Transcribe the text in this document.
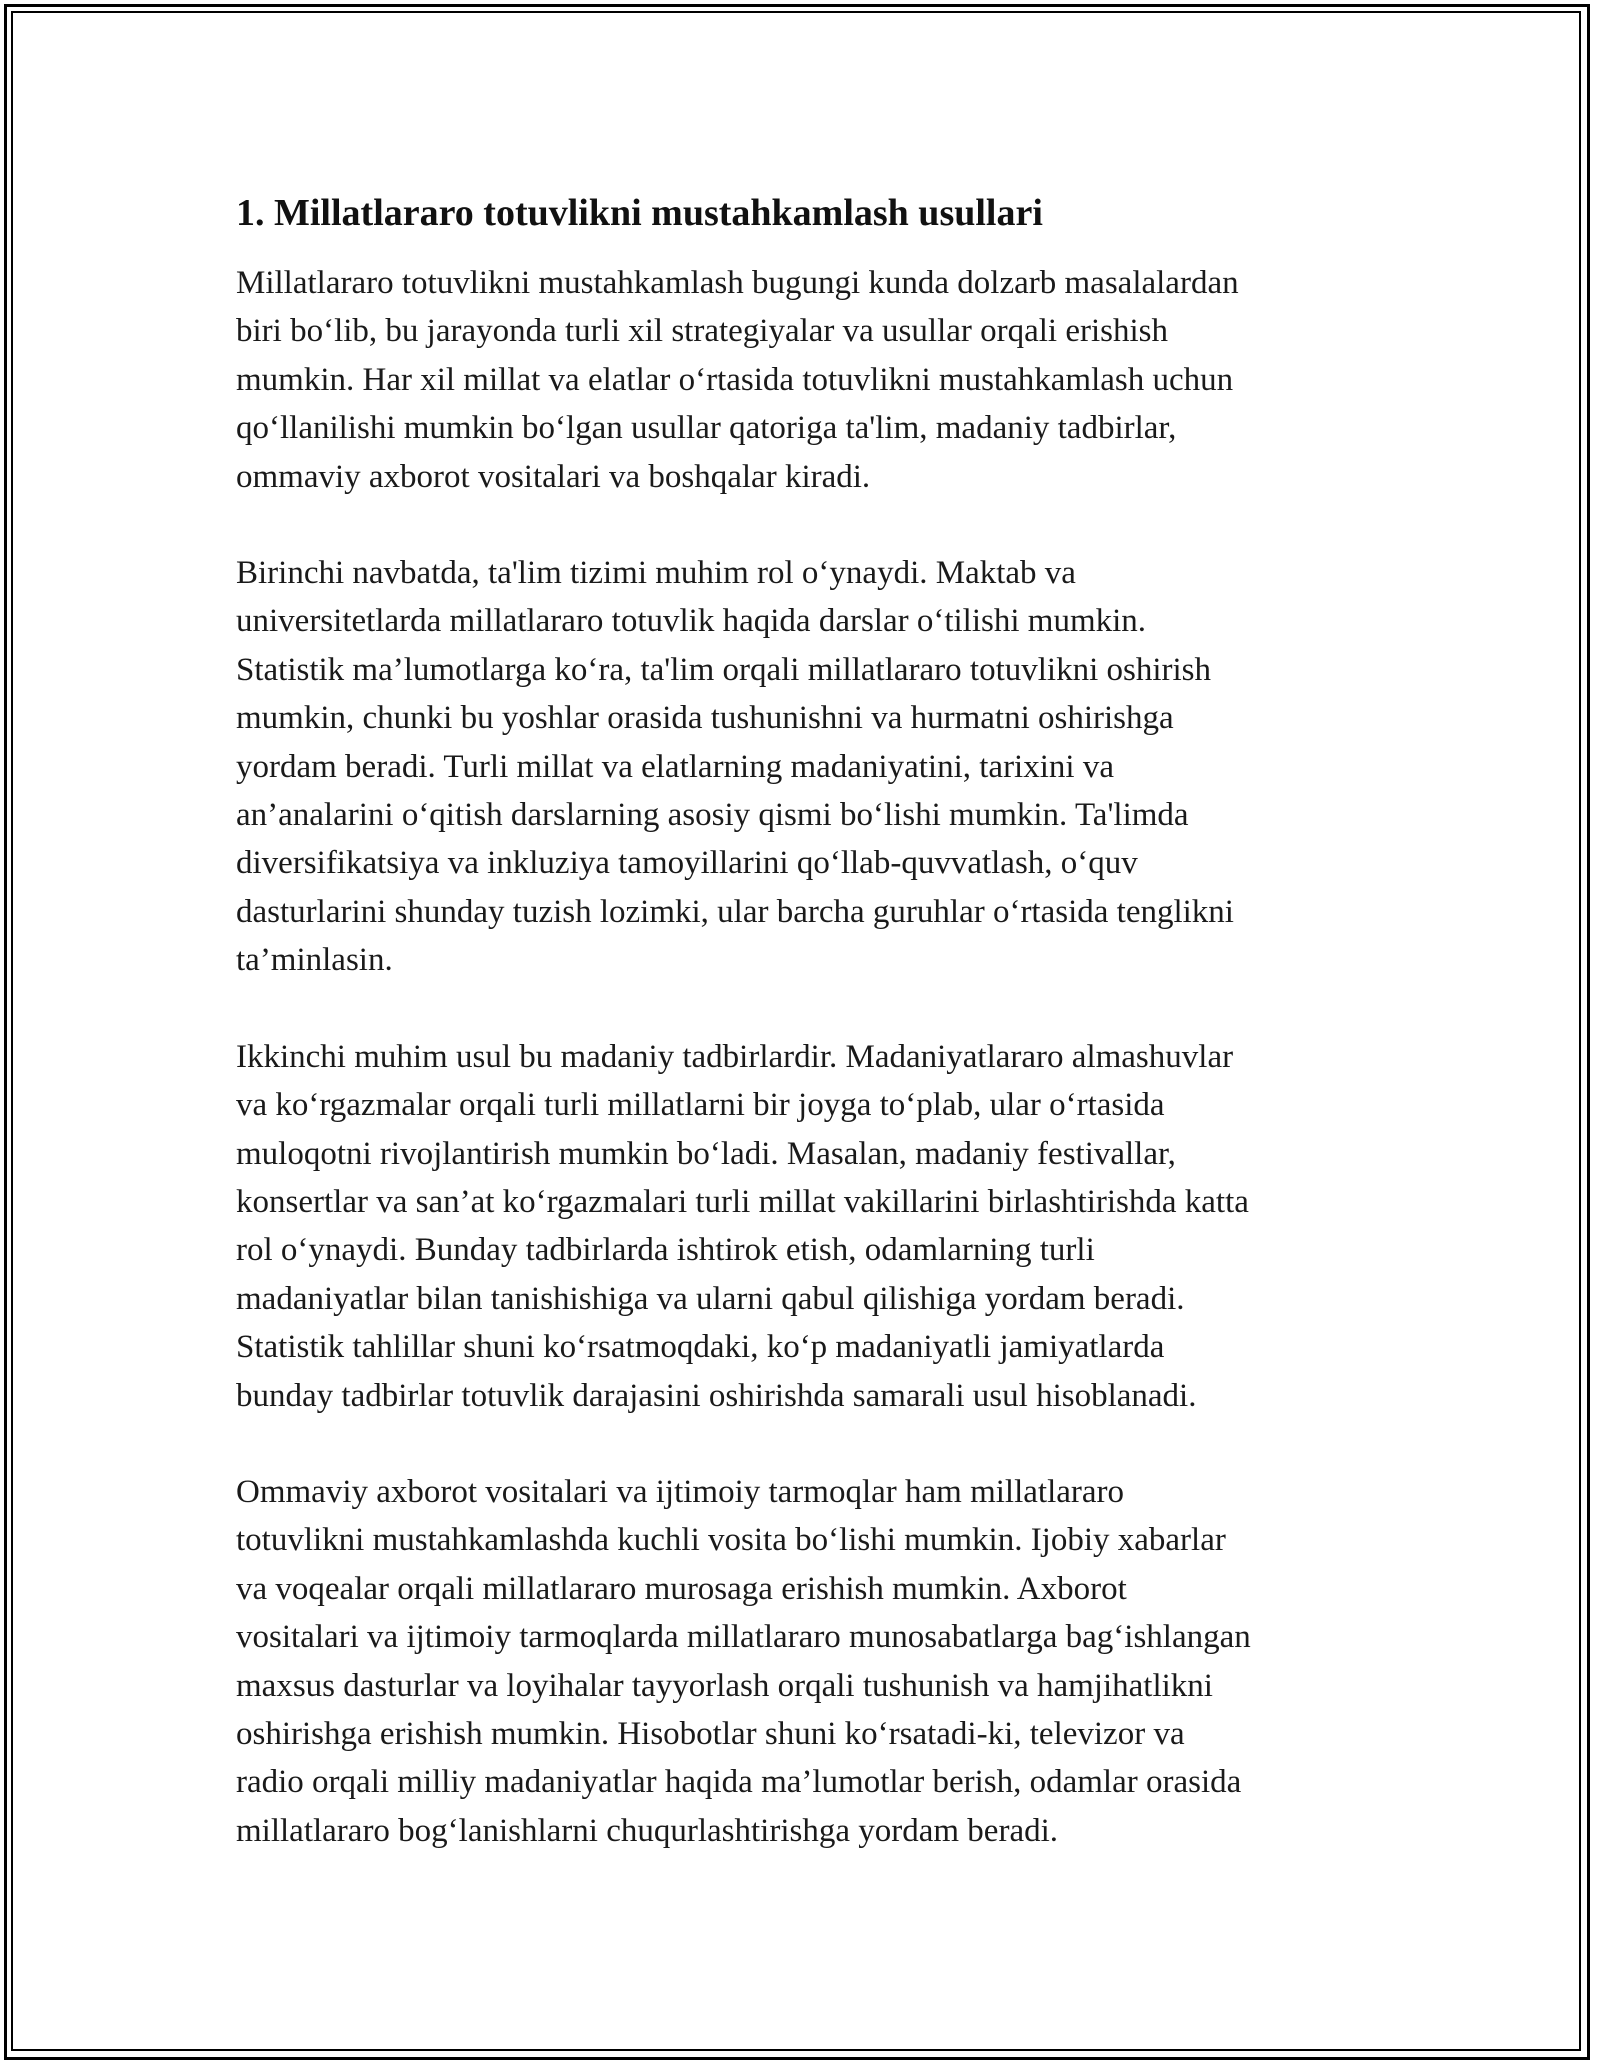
1. Millatlararo totuvlikni mustahkamlash usullari
Millatlararo totuvlikni mustahkamlash bugungi kunda dolzarb masalalardan
biri bo‘lib, bu jarayonda turli xil strategiyalar va usullar orqali erishish
mumkin. Har xil millat va elatlar o‘rtasida totuvlikni mustahkamlash uchun
qo‘llanilishi mumkin bo‘lgan usullar qatoriga ta'lim, madaniy tadbirlar,
ommaviy axborot vositalari va boshqalar kiradi.
Birinchi navbatda, ta'lim tizimi muhim rol o‘ynaydi. Maktab va
universitetlarda millatlararo totuvlik haqida darslar o‘tilishi mumkin.
Statistik ma’lumotlarga ko‘ra, ta'lim orqali millatlararo totuvlikni oshirish
mumkin, chunki bu yoshlar orasida tushunishni va hurmatni oshirishga
yordam beradi. Turli millat va elatlarning madaniyatini, tarixini va
an’analarini o‘qitish darslarning asosiy qismi bo‘lishi mumkin. Ta'limda
diversifikatsiya va inkluziya tamoyillarini qo‘llab-quvvatlash, o‘quv
dasturlarini shunday tuzish lozimki, ular barcha guruhlar o‘rtasida tenglikni
ta’minlasin.
Ikkinchi muhim usul bu madaniy tadbirlardir. Madaniyatlararo almashuvlar
va ko‘rgazmalar orqali turli millatlarni bir joyga to‘plab, ular o‘rtasida
muloqotni rivojlantirish mumkin bo‘ladi. Masalan, madaniy festivallar,
konsertlar va san’at ko‘rgazmalari turli millat vakillarini birlashtirishda katta
rol o‘ynaydi. Bunday tadbirlarda ishtirok etish, odamlarning turli
madaniyatlar bilan tanishishiga va ularni qabul qilishiga yordam beradi.
Statistik tahlillar shuni ko‘rsatmoqdaki, ko‘p madaniyatli jamiyatlarda
bunday tadbirlar totuvlik darajasini oshirishda samarali usul hisoblanadi.
Ommaviy axborot vositalari va ijtimoiy tarmoqlar ham millatlararo
totuvlikni mustahkamlashda kuchli vosita bo‘lishi mumkin. Ijobiy xabarlar
va voqealar orqali millatlararo murosaga erishish mumkin. Axborot
vositalari va ijtimoiy tarmoqlarda millatlararo munosabatlarga bag‘ishlangan
maxsus dasturlar va loyihalar tayyorlash orqali tushunish va hamjihatlikni
oshirishga erishish mumkin. Hisobotlar shuni ko‘rsatadi-ki, televizor va
radio orqali milliy madaniyatlar haqida ma’lumotlar berish, odamlar orasida
millatlararo bog‘lanishlarni chuqurlashtirishga yordam beradi.
